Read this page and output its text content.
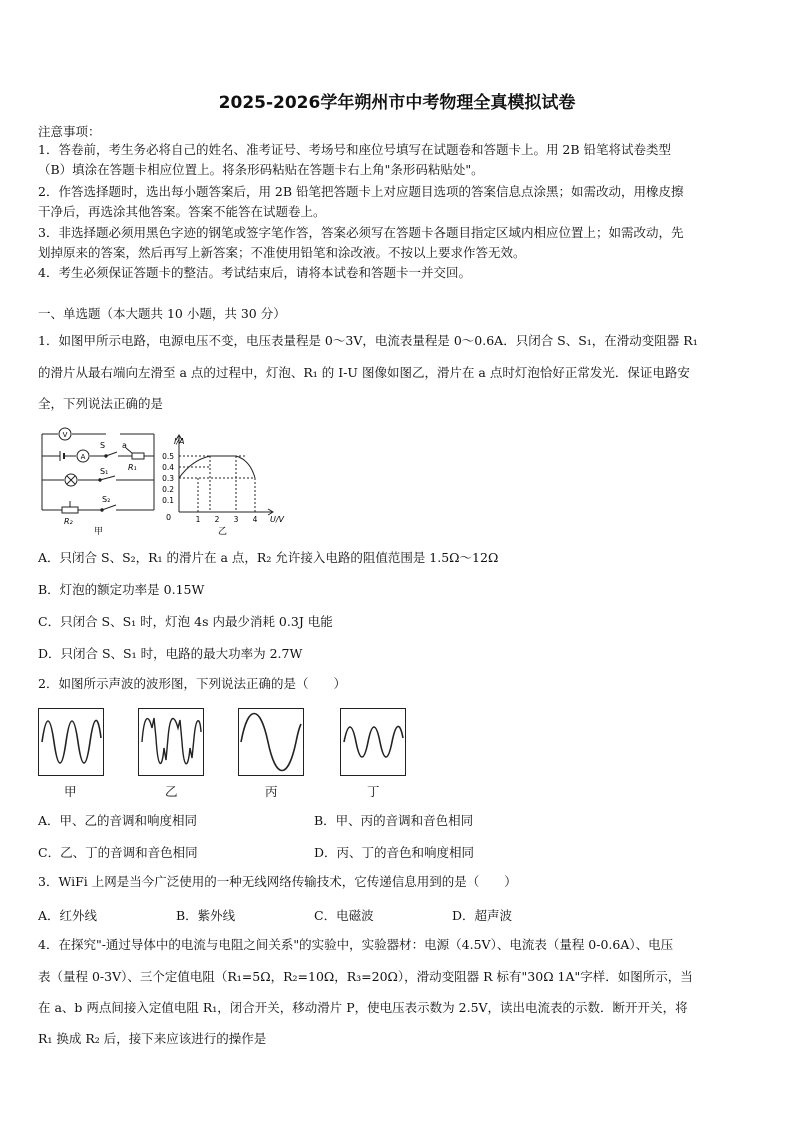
2025-2026学年朔州市中考物理全真模拟试卷
注意事项：
1．答卷前，考生务必将自己的姓名、准考证号、考场号和座位号填写在试题卷和答题卡上。用 2B 铅笔将试卷类型
（B）填涂在答题卡相应位置上。将条形码粘贴在答题卡右上角"条形码粘贴处"。
2．作答选择题时，选出每小题答案后，用 2B 铅笔把答题卡上对应题目选项的答案信息点涂黑；如需改动，用橡皮擦
干净后，再选涂其他答案。答案不能答在试题卷上。
3．非选择题必须用黑色字迹的钢笔或签字笔作答，答案必须写在答题卡各题目指定区域内相应位置上；如需改动，先
划掉原来的答案，然后再写上新答案；不准使用铅笔和涂改液。不按以上要求作答无效。
4．考生必须保证答题卡的整洁。考试结束后，请将本试卷和答题卡一并交回。
一、单选题（本大题共 10 小题，共 30 分）
1．如图甲所示电路，电源电压不变，电压表量程是 0～3V，电流表量程是 0～0.6A．只闭合 S、S₁，在滑动变阻器 R₁
的滑片从最右端向左滑至 a 点的过程中，灯泡、R₁ 的 I-U 图像如图乙，滑片在 a 点时灯泡恰好正常发光．保证电路安
全，下列说法正确的是
V
A
S a
R₁
S₁
S₂
R₂
甲
I/A
U/V
0
0.5
0.4
0.3
0.2
0.1
1 2 3 4
乙
A．只闭合 S、S₂，R₁ 的滑片在 a 点，R₂ 允许接入电路的阻值范围是 1.5Ω～12Ω
B．灯泡的额定功率是 0.15W
C．只闭合 S、S₁ 时，灯泡 4s 内最少消耗 0.3J 电能
D．只闭合 S、S₁ 时，电路的最大功率为 2.7W
2．如图所示声波的波形图，下列说法正确的是（　　）
甲	乙	丙	丁
A．甲、乙的音调和响度相同	B．甲、丙的音调和音色相同
C．乙、丁的音调和音色相同	D．丙、丁的音色和响度相同
3．WiFi 上网是当今广泛使用的一种无线网络传输技术，它传递信息用到的是（　　）
A．红外线	B．紫外线	C．电磁波	D．超声波
4．在探究"-通过导体中的电流与电阻之间关系"的实验中，实验器材：电源（4.5V）、电流表（量程 0-0.6A）、电压
表（量程 0-3V）、三个定值电阻（R₁=5Ω，R₂=10Ω，R₃=20Ω），滑动变阻器 R 标有"30Ω 1A"字样．如图所示，当
在 a、b 两点间接入定值电阻 R₁，闭合开关，移动滑片 P，使电压表示数为 2.5V，读出电流表的示数．断开开关，将
R₁ 换成 R₂ 后，接下来应该进行的操作是
